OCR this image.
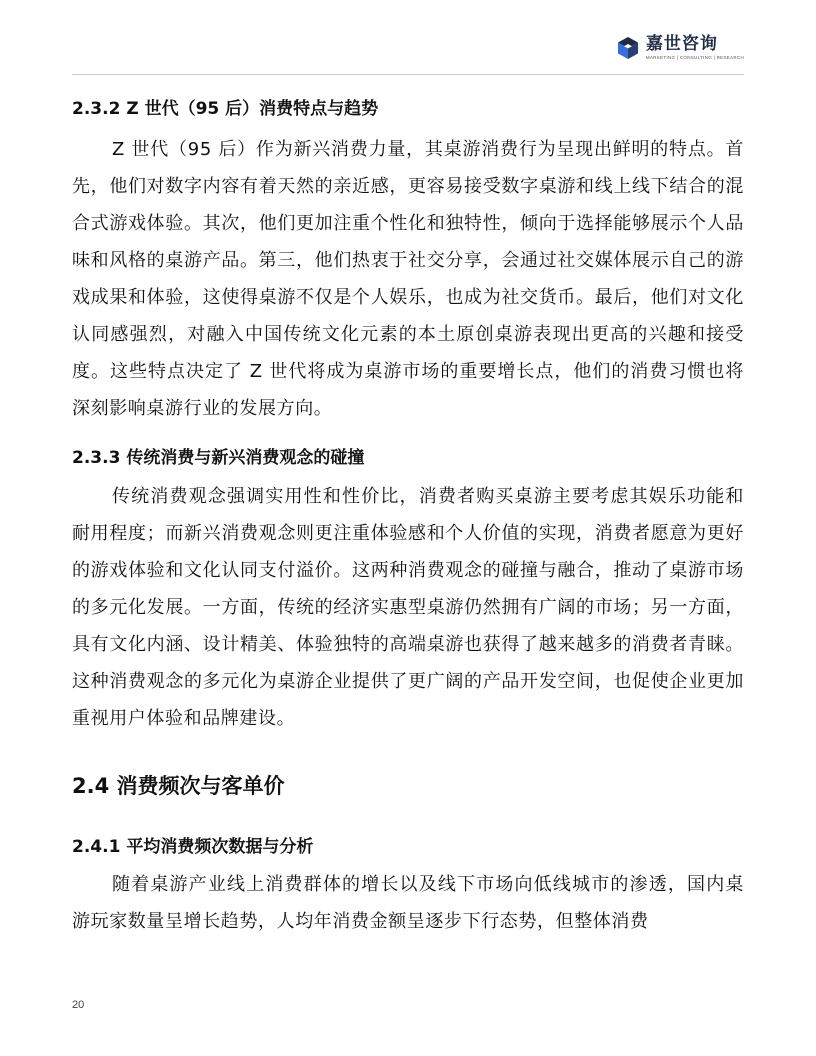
嘉世咨询
MARKETING | CONSULTING | RESEARCH
2.3.2 Z 世代（95 后）消费特点与趋势

Z 世代（95 后）作为新兴消费力量，其桌游消费行为呈现出鲜明的特点。首先，他们对数字内容有着天然的亲近感，更容易接受数字桌游和线上线下结合的混合式游戏体验。其次，他们更加注重个性化和独特性，倾向于选择能够展示个人品味和风格的桌游产品。第三，他们热衷于社交分享，会通过社交媒体展示自己的游戏成果和体验，这使得桌游不仅是个人娱乐，也成为社交货币。最后，他们对文化认同感强烈，对融入中国传统文化元素的本土原创桌游表现出更高的兴趣和接受度。这些特点决定了 Z 世代将成为桌游市场的重要增长点，他们的消费习惯也将深刻影响桌游行业的发展方向。

2.3.3 传统消费与新兴消费观念的碰撞

传统消费观念强调实用性和性价比，消费者购买桌游主要考虑其娱乐功能和耐用程度；而新兴消费观念则更注重体验感和个人价值的实现，消费者愿意为更好的游戏体验和文化认同支付溢价。这两种消费观念的碰撞与融合，推动了桌游市场的多元化发展。一方面，传统的经济实惠型桌游仍然拥有广阔的市场；另一方面，具有文化内涵、设计精美、体验独特的高端桌游也获得了越来越多的消费者青睐。这种消费观念的多元化为桌游企业提供了更广阔的产品开发空间，也促使企业更加重视用户体验和品牌建设。

2.4 消费频次与客单价
2.4.1 平均消费频次数据与分析

随着桌游产业线上消费群体的增长以及线下市场向低线城市的渗透，国内桌游玩家数量呈增长趋势，人均年消费金额呈逐步下行态势，但整体消费

20
